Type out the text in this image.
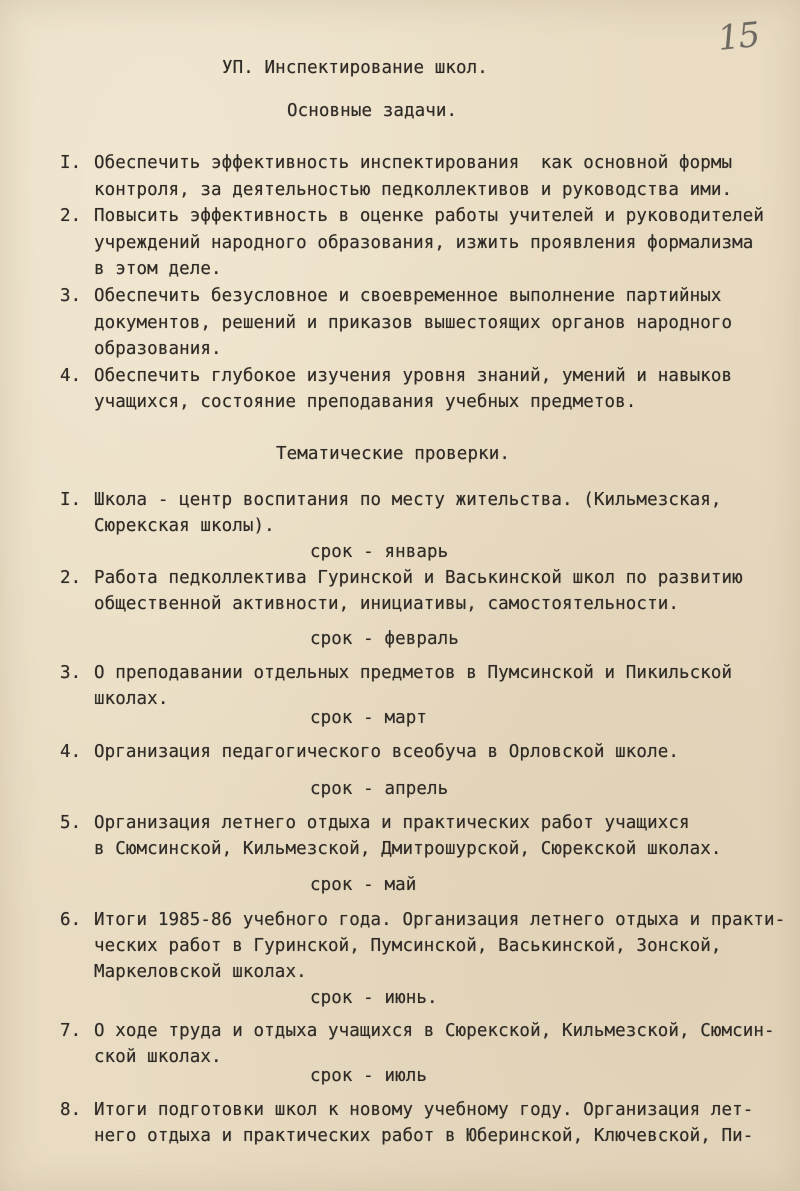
15
УП. Инспектирование школ.
Основные задачи.
I. Обеспечить эффективность инспектирования  как основной формы
контроля, за деятельностью педколлективов и руководства ими.
2. Повысить эффективность в оценке работы учителей и руководителей
учреждений народного образования, изжить проявления формализма
в этом деле.
3. Обеспечить безусловное и своевременное выполнение партийных
документов, решений и приказов вышестоящих органов народного
образования.
4. Обеспечить глубокое изучения уровня знаний, умений и навыков
учащихся, состояние преподавания учебных предметов.
Тематические проверки.
I. Школа - центр воспитания по месту жительства. (Кильмезская,
Сюрекская школы).
срок - январь
2. Работа педколлектива Гуринской и Васькинской школ по развитию
общественной активности, инициативы, самостоятельности.
срок - февраль
3. О преподавании отдельных предметов в Пумсинской и Пикильской
школах.
срок - март
4. Организация педагогического всеобуча в Орловской школе.
срок - апрель
5. Организация летнего отдыха и практических работ учащихся
в Сюмсинской, Кильмезской, Дмитрошурской, Сюрекской школах.
срок - май
6. Итоги 1985-86 учебного года. Организация летнего отдыха и практи-
ческих работ в Гуринской, Пумсинской, Васькинской, Зонской,
Маркеловской школах.
срок - июнь.
7. О ходе труда и отдыха учащихся в Сюрекской, Кильмезской, Сюмсин-
ской школах.
срок - июль
8. Итоги подготовки школ к новому учебному году. Организация лет-
него отдыха и практических работ в Юберинской, Ключевской, Пи-
